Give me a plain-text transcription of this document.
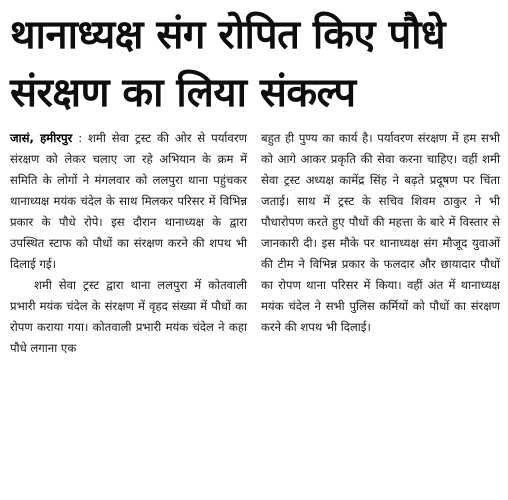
थानाध्यक्ष संग रोपित किए पौधे
संरक्षण का लिया संकल्प

जासं, हमीरपुर : शमी सेवा ट्रस्ट की ओर से पर्यावरण संरक्षण को लेकर चलाए जा रहे अभियान के क्रम में समिति के लोगों ने मंगलवार को ललपुरा थाना पहुंचकर थानाध्यक्ष मयंक चंदेल के साथ मिलकर परिसर में विभिन्न प्रकार के पौधे रोपे। इस दौरान थानाध्यक्ष के द्वारा उपस्थित स्टाफ को पौधों का संरक्षण करने की शपथ भी दिलाई गई।

शमी सेवा ट्रस्ट द्वारा थाना ललपुरा में कोतवाली प्रभारी मयंक चंदेल के संरक्षण में वृहद संख्या में पौधों का रोपण कराया गया। कोतवाली प्रभारी मयंक चंदेल ने कहा पौधे लगाना एक

बहुत ही पुण्य का कार्य है। पर्यावरण संरक्षण में हम सभी को आगे आकर प्रकृति की सेवा करना चाहिए। वहीं शमी सेवा ट्रस्ट अध्यक्ष कामेंद्र सिंह ने बढ़ते प्रदूषण पर चिंता जताई। साथ में ट्रस्ट के सचिव शिवम ठाकुर ने भी पौधारोपण करते हुए पौधों की महत्ता के बारे में विस्तार से जानकारी दी। इस मौके पर थानाध्यक्ष संग मौजूद युवाओं की टीम ने विभिन्न प्रकार के फलदार और छायादार पौधों का रोपण थाना परिसर में किया। वहीं अंत में थानाध्यक्ष मयंक चंदेल ने सभी पुलिस कर्मियों को पौधों का संरक्षण करने की शपथ भी दिलाई।
